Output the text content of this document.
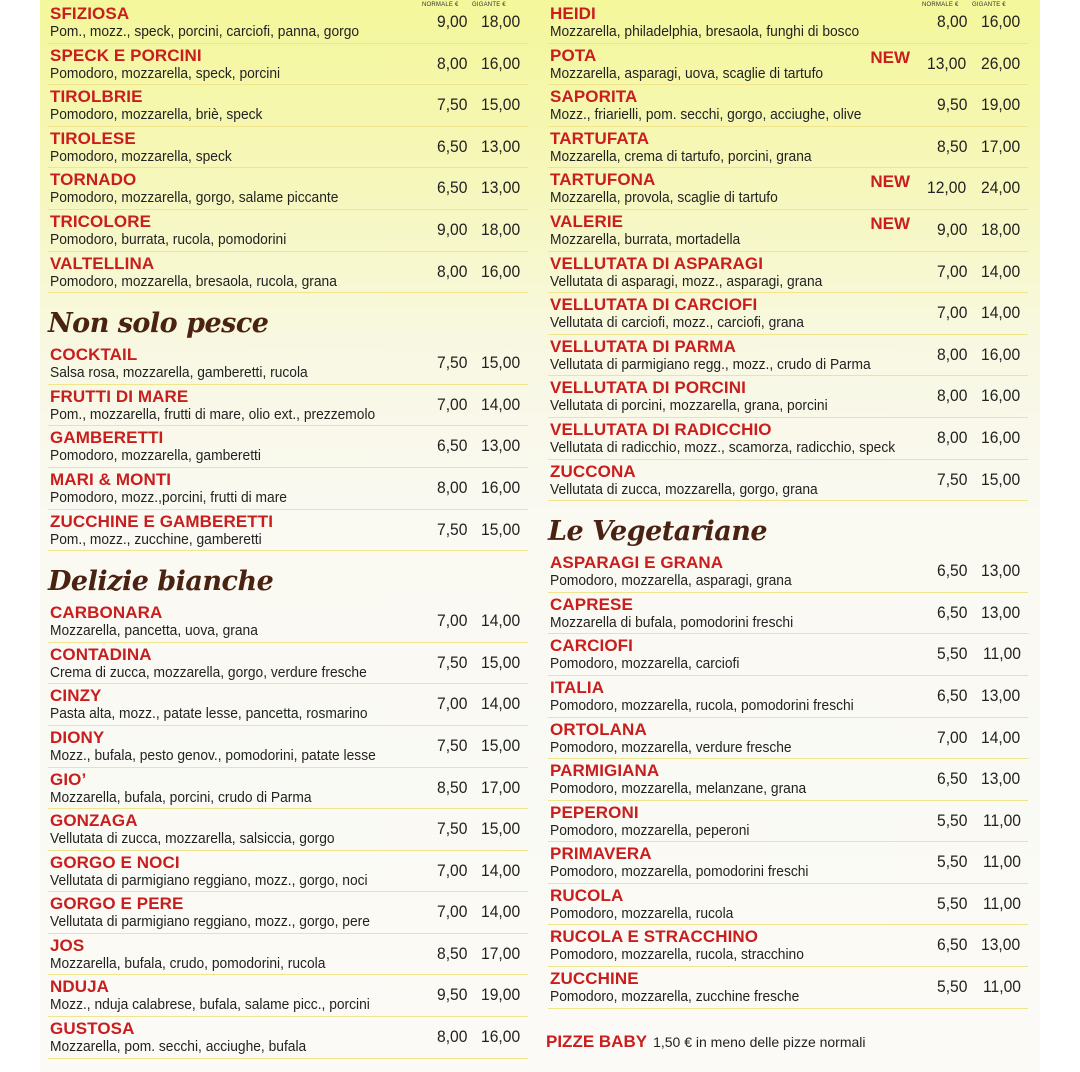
NORMALE € GIGANTE €
SFIZIOSA
Pom., mozz., speck, porcini, carciofi, panna, gorgo
9,00 18,00
SPECK E PORCINI
Pomodoro, mozzarella, speck, porcini
8,00 16,00
TIROLBRIE
Pomodoro, mozzarella, briè, speck
7,50 15,00
TIROLESE
Pomodoro, mozzarella, speck
6,50 13,00
TORNADO
Pomodoro, mozzarella, gorgo, salame piccante
6,50 13,00
TRICOLORE
Pomodoro, burrata, rucola, pomodorini
9,00 18,00
VALTELLINA
Pomodoro, mozzarella, bresaola, rucola, grana
8,00 16,00
Non solo pesce
COCKTAIL
Salsa rosa, mozzarella, gamberetti, rucola
7,50 15,00
FRUTTI DI MARE
Pom., mozzarella, frutti di mare, olio ext., prezzemolo
7,00 14,00
GAMBERETTI
Pomodoro, mozzarella, gamberetti
6,50 13,00
MARI & MONTI
Pomodoro, mozz.,porcini, frutti di mare
8,00 16,00
ZUCCHINE E GAMBERETTI
Pom., mozz., zucchine, gamberetti
7,50 15,00
Delizie bianche
CARBONARA
Mozzarella, pancetta, uova, grana
7,00 14,00
CONTADINA
Crema di zucca, mozzarella, gorgo, verdure fresche
7,50 15,00
CINZY
Pasta alta, mozz., patate lesse, pancetta, rosmarino
7,00 14,00
DIONY
Mozz., bufala, pesto genov., pomodorini, patate lesse
7,50 15,00
GIO’
Mozzarella, bufala, porcini, crudo di Parma
8,50 17,00
GONZAGA
Vellutata di zucca, mozzarella, salsiccia, gorgo
7,50 15,00
GORGO E NOCI
Vellutata di parmigiano reggiano, mozz., gorgo, noci
7,00 14,00
GORGO E PERE
Vellutata di parmigiano reggiano, mozz., gorgo, pere
7,00 14,00
JOS
Mozzarella, bufala, crudo, pomodorini, rucola
8,50 17,00
NDUJA
Mozz., nduja calabrese, bufala, salame picc., porcini
9,50 19,00
GUSTOSA
Mozzarella, pom. secchi, acciughe, bufala
8,00 16,00
NORMALE € GIGANTE €
HEIDI
Mozzarella, philadelphia, bresaola, funghi di bosco
8,00 16,00
POTA
Mozzarella, asparagi, uova, scaglie di tartufo
13,00 26,00
NEW
SAPORITA
Mozz., friarielli, pom. secchi, gorgo, acciughe, olive
9,50 19,00
TARTUFATA
Mozzarella, crema di tartufo, porcini, grana
8,50 17,00
TARTUFONA
Mozzarella, provola, scaglie di tartufo
12,00 24,00
NEW
VALERIE
Mozzarella, burrata, mortadella
9,00 18,00
NEW
VELLUTATA DI ASPARAGI
Vellutata di asparagi, mozz., asparagi, grana
7,00 14,00
VELLUTATA DI CARCIOFI
Vellutata di carciofi, mozz., carciofi, grana
7,00 14,00
VELLUTATA DI PARMA
Vellutata di parmigiano regg., mozz., crudo di Parma
8,00 16,00
VELLUTATA DI PORCINI
Vellutata di porcini, mozzarella, grana, porcini
8,00 16,00
VELLUTATA DI RADICCHIO
Vellutata di radicchio, mozz., scamorza, radicchio, speck
8,00 16,00
ZUCCONA
Vellutata di zucca, mozzarella, gorgo, grana
7,50 15,00
Le Vegetariane
ASPARAGI E GRANA
Pomodoro, mozzarella, asparagi, grana
6,50 13,00
CAPRESE
Mozzarella di bufala, pomodorini freschi
6,50 13,00
CARCIOFI
Pomodoro, mozzarella, carciofi
5,50 11,00
ITALIA
Pomodoro, mozzarella, rucola, pomodorini freschi
6,50 13,00
ORTOLANA
Pomodoro, mozzarella, verdure fresche
7,00 14,00
PARMIGIANA
Pomodoro, mozzarella, melanzane, grana
6,50 13,00
PEPERONI
Pomodoro, mozzarella, peperoni
5,50 11,00
PRIMAVERA
Pomodoro, mozzarella, pomodorini freschi
5,50 11,00
RUCOLA
Pomodoro, mozzarella, rucola
5,50 11,00
RUCOLA E STRACCHINO
Pomodoro, mozzarella, rucola, stracchino
6,50 13,00
ZUCCHINE
Pomodoro, mozzarella, zucchine fresche
5,50 11,00
PIZZE BABY 1,50 € in meno delle pizze normali
